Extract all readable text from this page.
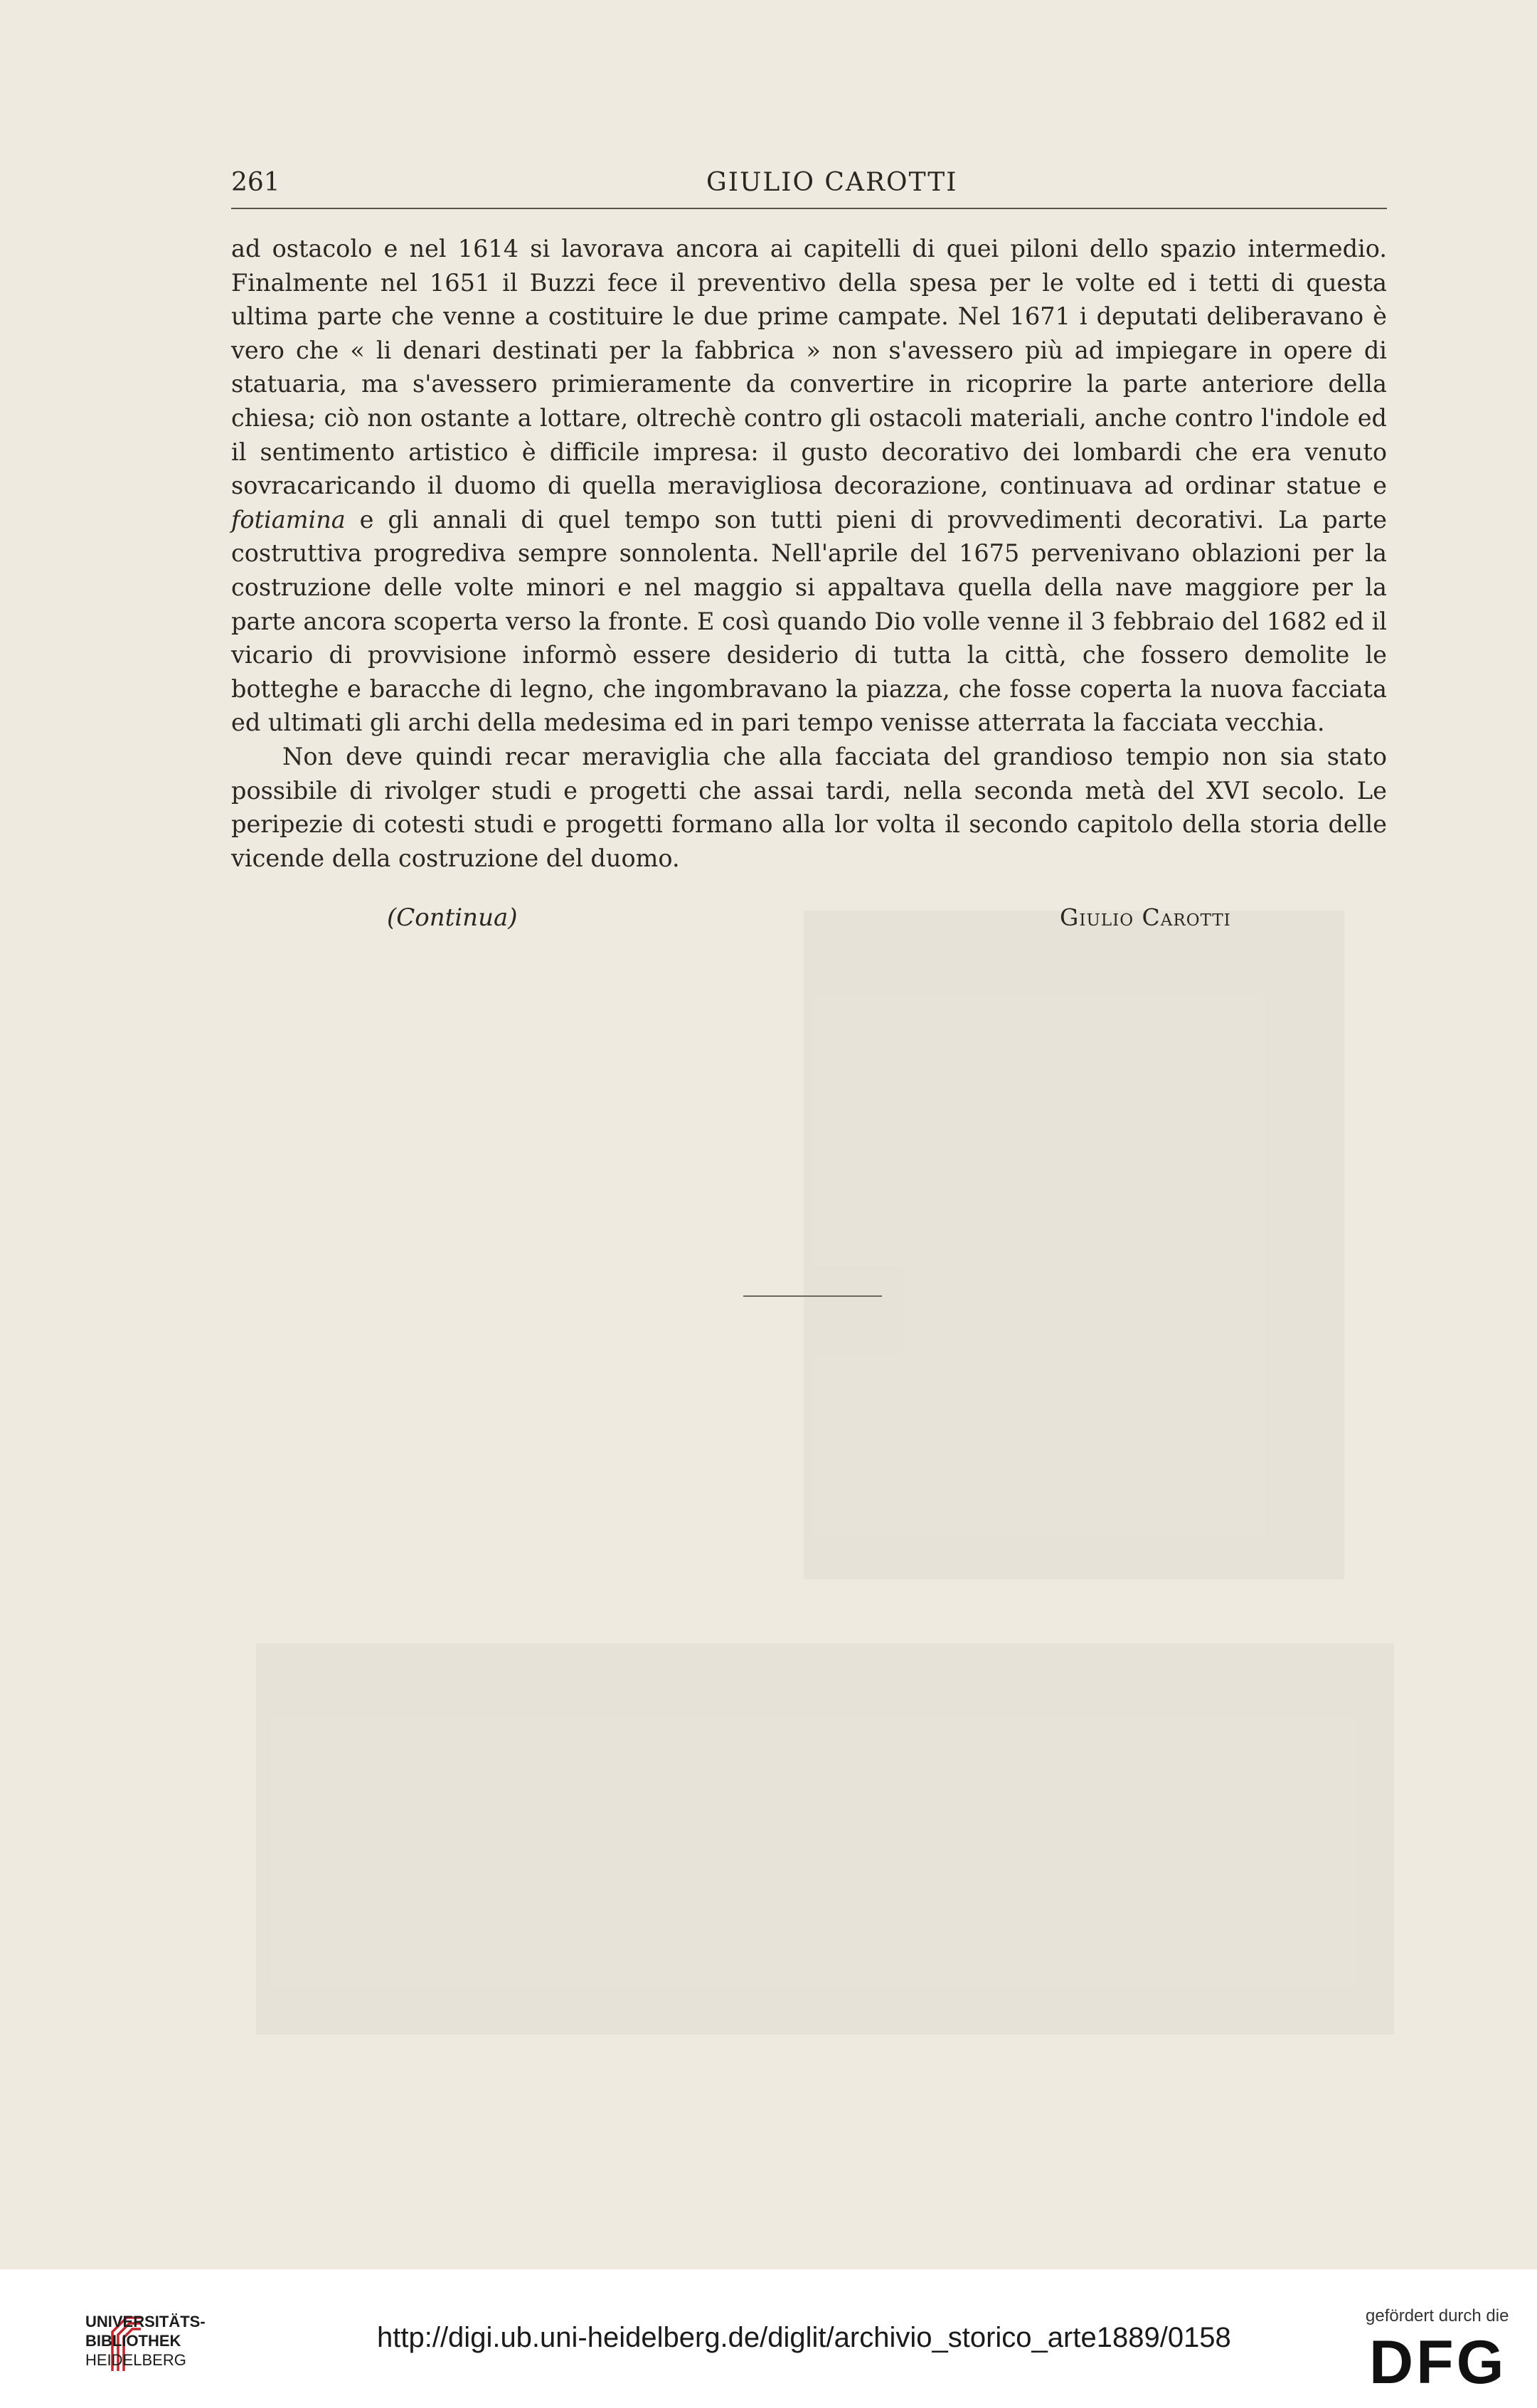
261	GIULIO CAROTTI

ad ostacolo e nel 1614 si lavorava ancora ai capitelli di quei piloni dello spazio intermedio. Finalmente nel 1651 il Buzzi fece il preventivo della spesa per le volte ed i tetti di questa ultima parte che venne a costituire le due prime campate. Nel 1671 i deputati deliberavano è vero che « li denari destinati per la fabbrica » non s'avessero più ad impiegare in opere di statuaria, ma s'avessero primieramente da convertire in ricoprire la parte anteriore della chiesa; ciò non ostante a lottare, oltrechè contro gli ostacoli materiali, anche contro l'indole ed il sentimento artistico è difficile impresa: il gusto decorativo dei lombardi che era venuto sovracaricando il duomo di quella meravigliosa decorazione, continuava ad ordinar statue e fotiamina e gli annali di quel tempo son tutti pieni di provvedimenti decorativi. La parte costruttiva progrediva sempre sonnolenta. Nell'aprile del 1675 pervenivano oblazioni per la costruzione delle volte minori e nel maggio si appaltava quella della nave maggiore per la parte ancora scoperta verso la fronte. E così quando Dio volle venne il 3 febbraio del 1682 ed il vicario di provvisione informò essere desiderio di tutta la città, che fossero demolite le botteghe e baracche di legno, che ingombravano la piazza, che fosse coperta la nuova facciata ed ultimati gli archi della medesima ed in pari tempo venisse atterrata la facciata vecchia.

Non deve quindi recar meraviglia che alla facciata del grandioso tempio non sia stato possibile di rivolger studi e progetti che assai tardi, nella seconda metà del XVI secolo. Le peripezie di cotesti studi e progetti formano alla lor volta il secondo capitolo della storia delle vicende della costruzione del duomo.

(Continua)	Giulio Carotti
UNIVERSITÄTS-
BIBLIOTHEK
HEIDELBERG
http://digi.ub.uni-heidelberg.de/diglit/archivio_storico_arte1889/0158
gefördert durch die
DFG
